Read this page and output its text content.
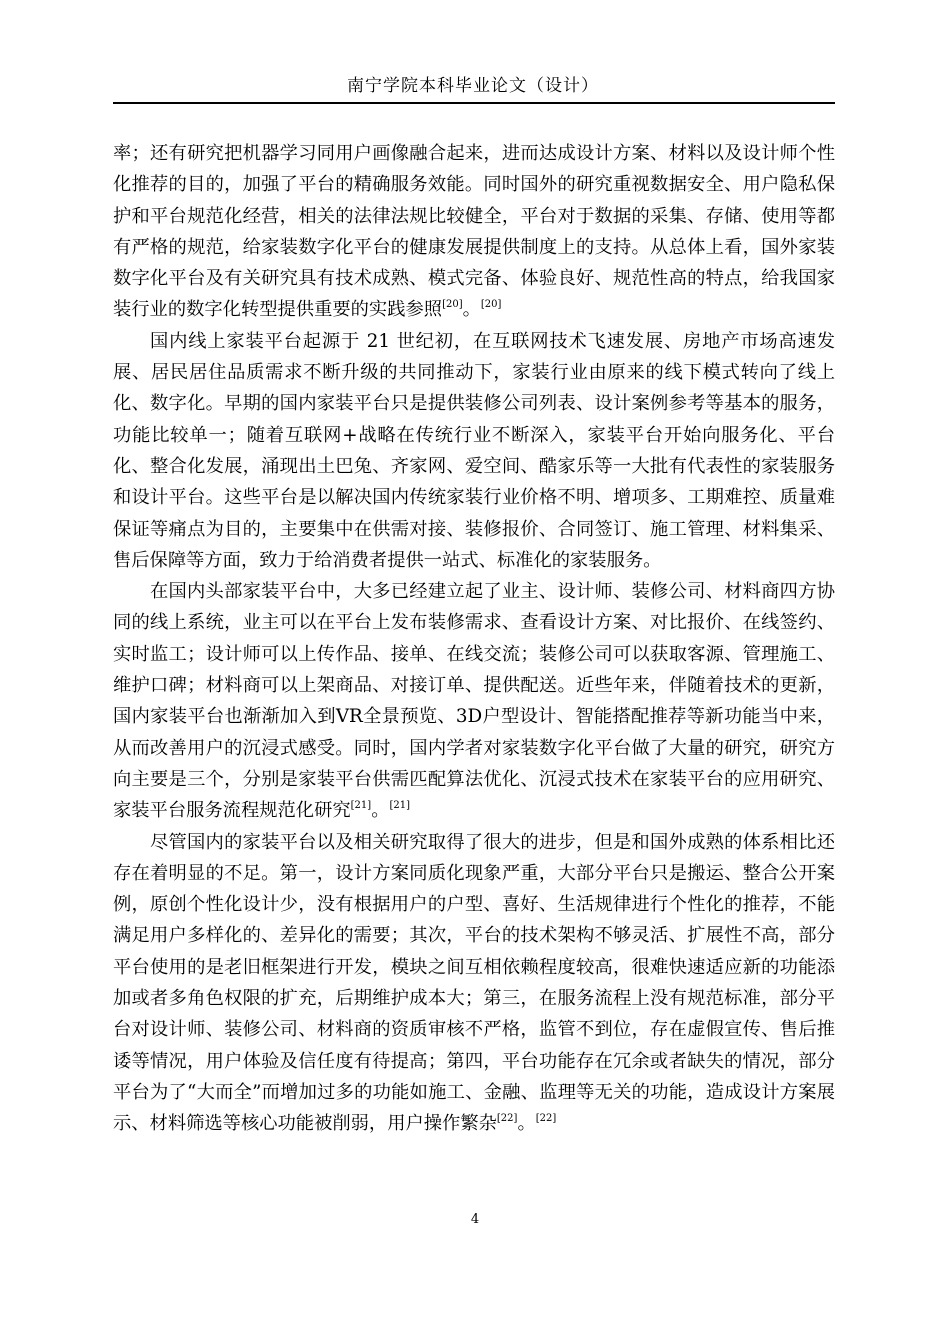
南宁学院本科毕业论文（设计）

率；还有研究把机器学习同用户画像融合起来，进而达成设计方案、材料以及设计师个性化推荐的目的，加强了平台的精确服务效能。同时国外的研究重视数据安全、用户隐私保护和平台规范化经营，相关的法律法规比较健全，平台对于数据的采集、存储、使用等都有严格的规范，给家装数字化平台的健康发展提供制度上的支持。从总体上看，国外家装数字化平台及有关研究具有技术成熟、模式完备、体验良好、规范性高的特点，给我国家装行业的数字化转型提供重要的实践参照[20]。[20]

国内线上家装平台起源于 21 世纪初，在互联网技术飞速发展、房地产市场高速发展、居民居住品质需求不断升级的共同推动下，家装行业由原来的线下模式转向了线上化、数字化。早期的国内家装平台只是提供装修公司列表、设计案例参考等基本的服务，功能比较单一；随着互联网+战略在传统行业不断深入，家装平台开始向服务化、平台化、整合化发展，涌现出土巴兔、齐家网、爱空间、酷家乐等一大批有代表性的家装服务和设计平台。这些平台是以解决国内传统家装行业价格不明、增项多、工期难控、质量难保证等痛点为目的，主要集中在供需对接、装修报价、合同签订、施工管理、材料集采、售后保障等方面，致力于给消费者提供一站式、标准化的家装服务。

在国内头部家装平台中，大多已经建立起了业主、设计师、装修公司、材料商四方协同的线上系统，业主可以在平台上发布装修需求、查看设计方案、对比报价、在线签约、实时监工；设计师可以上传作品、接单、在线交流；装修公司可以获取客源、管理施工、维护口碑；材料商可以上架商品、对接订单、提供配送。近些年来，伴随着技术的更新，国内家装平台也渐渐加入到VR全景预览、3D户型设计、智能搭配推荐等新功能当中来，从而改善用户的沉浸式感受。同时，国内学者对家装数字化平台做了大量的研究，研究方向主要是三个，分别是家装平台供需匹配算法优化、沉浸式技术在家装平台的应用研究、家装平台服务流程规范化研究[21]。[21]

尽管国内的家装平台以及相关研究取得了很大的进步，但是和国外成熟的体系相比还存在着明显的不足。第一，设计方案同质化现象严重，大部分平台只是搬运、整合公开案例，原创个性化设计少，没有根据用户的户型、喜好、生活规律进行个性化的推荐，不能满足用户多样化的、差异化的需要；其次，平台的技术架构不够灵活、扩展性不高，部分平台使用的是老旧框架进行开发，模块之间互相依赖程度较高，很难快速适应新的功能添加或者多角色权限的扩充，后期维护成本大；第三，在服务流程上没有规范标准，部分平台对设计师、装修公司、材料商的资质审核不严格，监管不到位，存在虚假宣传、售后推诿等情况，用户体验及信任度有待提高；第四，平台功能存在冗余或者缺失的情况，部分平台为了“大而全”而增加过多的功能如施工、金融、监理等无关的功能，造成设计方案展示、材料筛选等核心功能被削弱，用户操作繁杂[22]。[22]

4
